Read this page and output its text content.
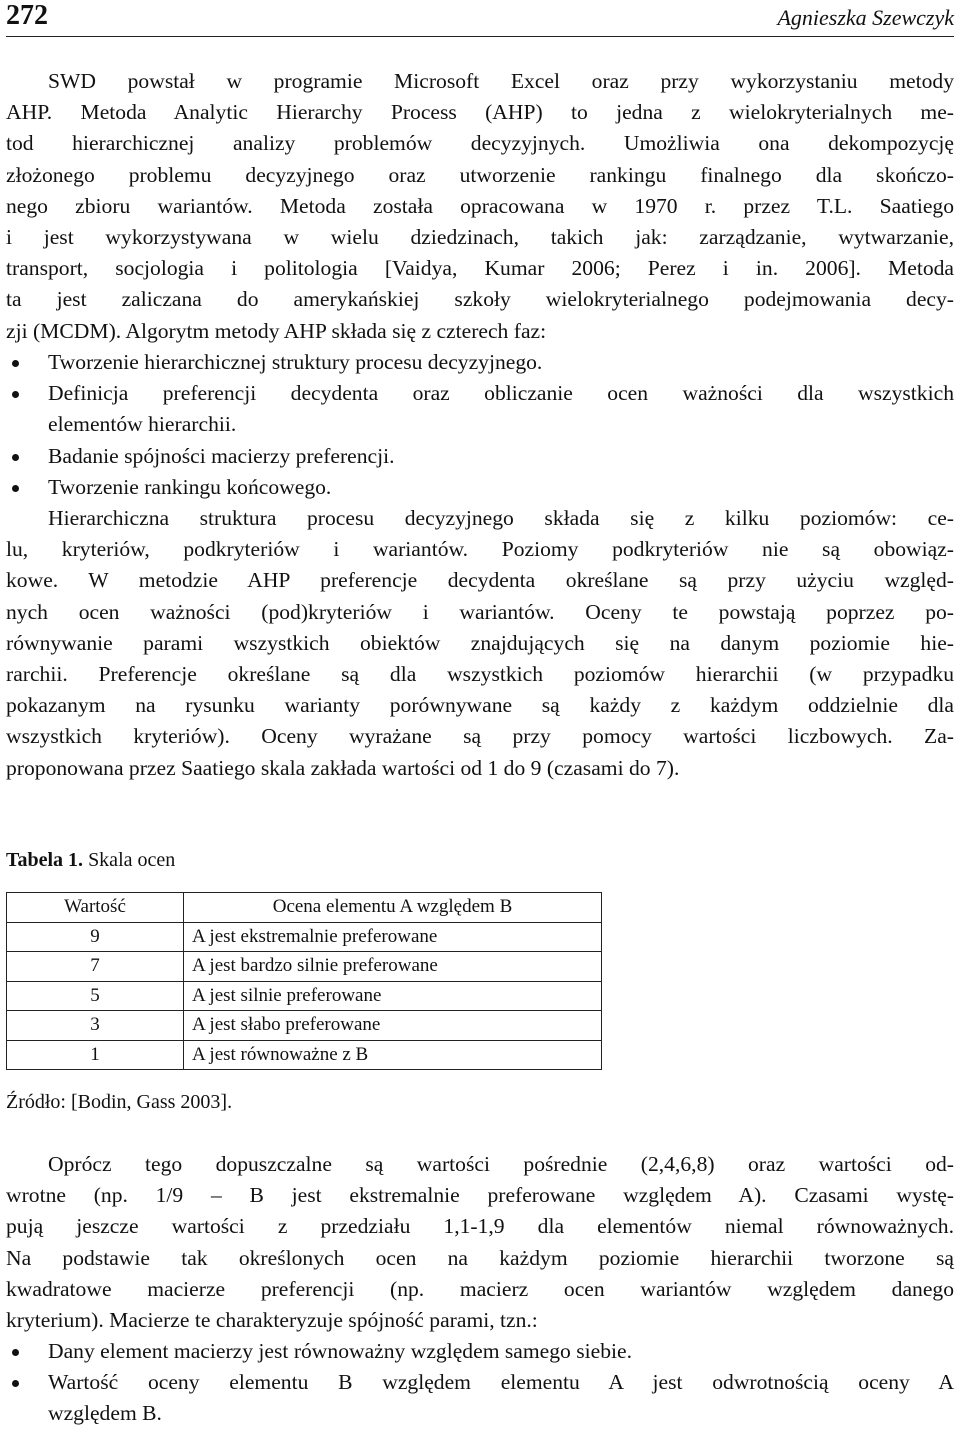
272	Agnieszka Szewczyk
SWD powstał w programie Microsoft Excel oraz przy wykorzystaniu metody
AHP. Metoda Analytic Hierarchy Process (AHP) to jedna z wielokryterialnych me-
tod hierarchicznej analizy problemów decyzyjnych. Umożliwia ona dekompozycję
złożonego problemu decyzyjnego oraz utworzenie rankingu finalnego dla skończo-
nego zbioru wariantów. Metoda została opracowana w 1970 r. przez T.L. Saatiego
i jest wykorzystywana w wielu dziedzinach, takich jak: zarządzanie, wytwarzanie,
transport, socjologia i politologia [Vaidya, Kumar 2006; Perez i in. 2006]. Metoda
ta jest zaliczana do amerykańskiej szkoły wielokryterialnego podejmowania decy-
zji (MCDM). Algorytm metody AHP składa się z czterech faz:
Tworzenie hierarchicznej struktury procesu decyzyjnego.
Definicja preferencji decydenta oraz obliczanie ocen ważności dla wszystkich
elementów hierarchii.
Badanie spójności macierzy preferencji.
Tworzenie rankingu końcowego.
Hierarchiczna struktura procesu decyzyjnego składa się z kilku poziomów: ce-
lu, kryteriów, podkryteriów i wariantów. Poziomy podkryteriów nie są obowiąz-
kowe. W metodzie AHP preferencje decydenta określane są przy użyciu względ-
nych ocen ważności (pod)kryteriów i wariantów. Oceny te powstają poprzez po-
równywanie parami wszystkich obiektów znajdujących się na danym poziomie hie-
rarchii. Preferencje określane są dla wszystkich poziomów hierarchii (w przypadku
pokazanym na rysunku warianty porównywane są każdy z każdym oddzielnie dla
wszystkich kryteriów). Oceny wyrażane są przy pomocy wartości liczbowych. Za-
proponowana przez Saatiego skala zakłada wartości od 1 do 9 (czasami do 7).
Tabela 1. Skala ocen
Wartość	Ocena elementu A względem B
9	A jest ekstremalnie preferowane
7	A jest bardzo silnie preferowane
5	A jest silnie preferowane
3	A jest słabo preferowane
1	A jest równoważne z B
Źródło: [Bodin, Gass 2003].
Oprócz tego dopuszczalne są wartości pośrednie (2,4,6,8) oraz wartości od-
wrotne (np. 1/9 – B jest ekstremalnie preferowane względem A). Czasami wystę-
pują jeszcze wartości z przedziału 1,1-1,9 dla elementów niemal równoważnych.
Na podstawie tak określonych ocen na każdym poziomie hierarchii tworzone są
kwadratowe macierze preferencji (np. macierz ocen wariantów względem danego
kryterium). Macierze te charakteryzuje spójność parami, tzn.:
Dany element macierzy jest równoważny względem samego siebie.
Wartość oceny elementu B względem elementu A jest odwrotnością oceny A
względem B.
